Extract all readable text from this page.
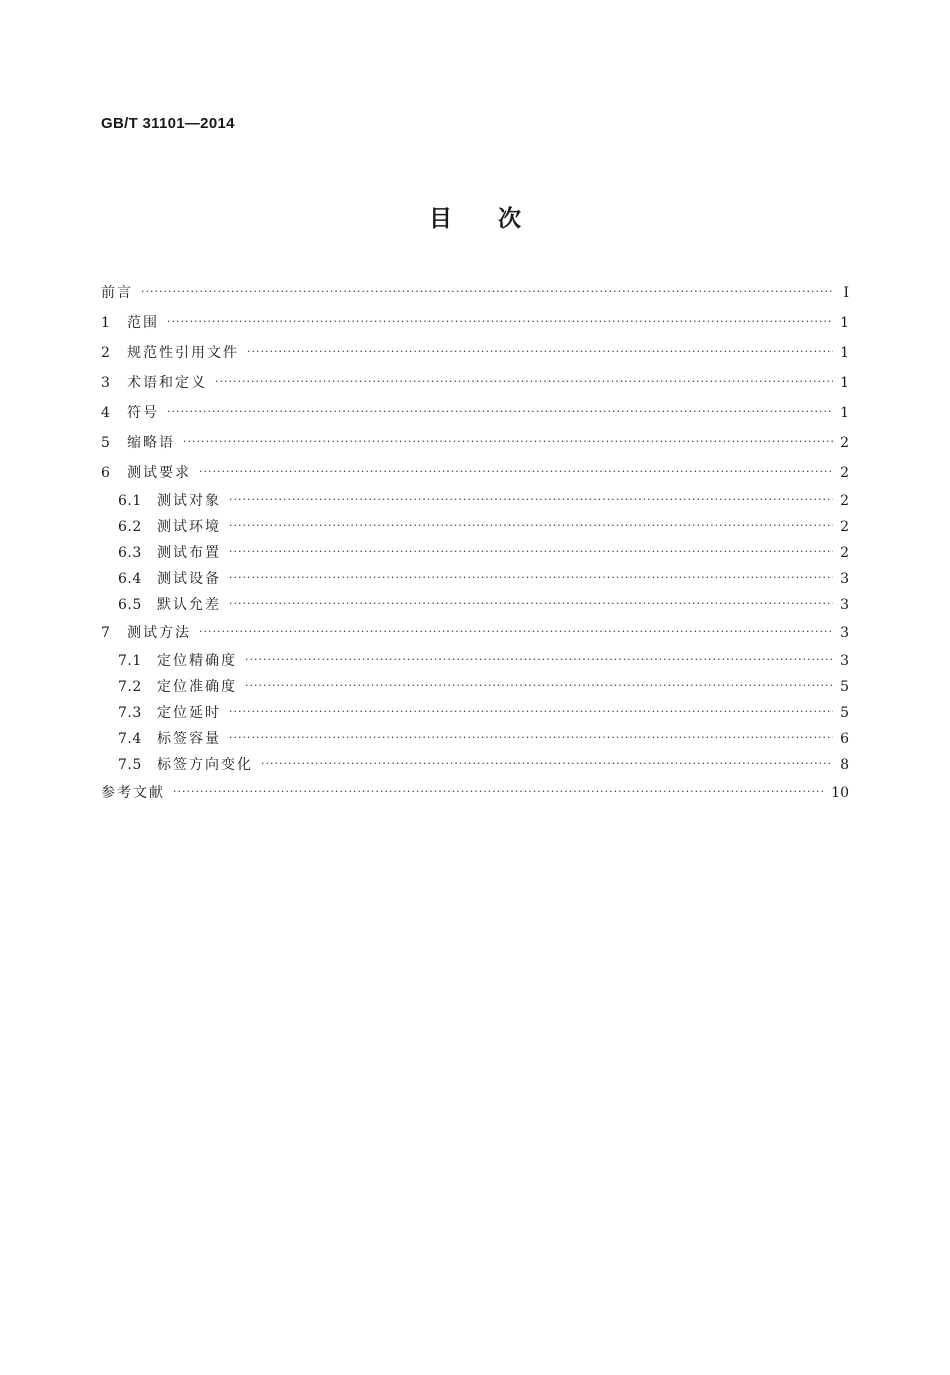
GB/T 31101—2014
目次
前言 ·····	Ⅰ
1	范围 ·····	1
2	规范性引用文件 ·····	1
3	术语和定义 ·····	1
4	符号 ·····	1
5	缩略语 ·····	2
6	测试要求 ·····	2
6.1	测试对象 ·····	2
6.2	测试环境 ·····	2
6.3	测试布置 ·····	2
6.4	测试设备 ·····	3
6.5	默认允差 ·····	3
7	测试方法 ·····	3
7.1	定位精确度 ·····	3
7.2	定位准确度 ·····	5
7.3	定位延时 ·····	5
7.4	标签容量 ·····	6
7.5	标签方向变化 ·····	8
参考文献 ·····	10
